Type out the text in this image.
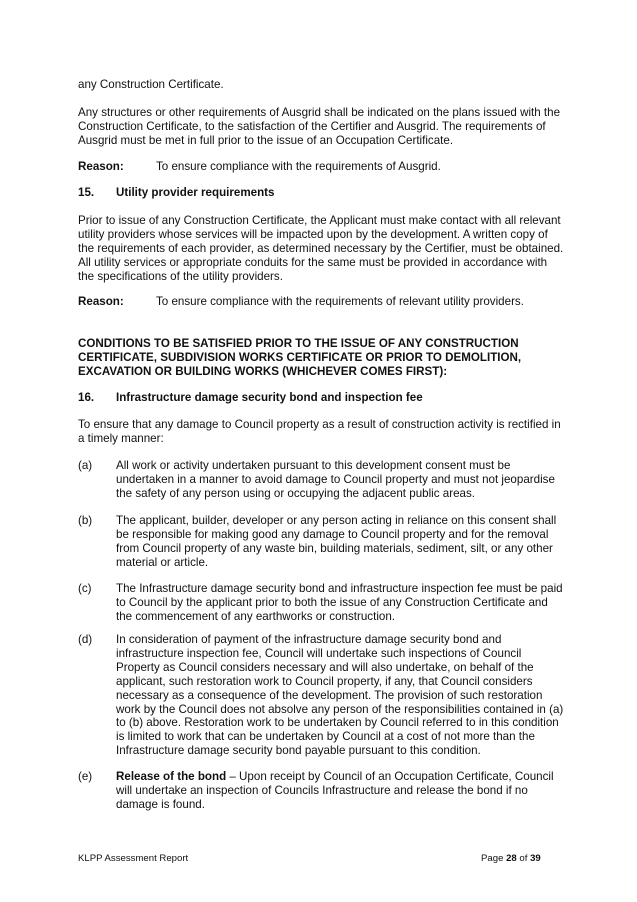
any Construction Certificate.

Any structures or other requirements of Ausgrid shall be indicated on the plans issued with the Construction Certificate, to the satisfaction of the Certifier and Ausgrid. The requirements of Ausgrid must be met in full prior to the issue of an Occupation Certificate.

Reason:	To ensure compliance with the requirements of Ausgrid.
15. Utility provider requirements

Prior to issue of any Construction Certificate, the Applicant must make contact with all relevant utility providers whose services will be impacted upon by the development. A written copy of the requirements of each provider, as determined necessary by the Certifier, must be obtained. All utility services or appropriate conduits for the same must be provided in accordance with the specifications of the utility providers.

Reason:	To ensure compliance with the requirements of relevant utility providers.

CONDITIONS TO BE SATISFIED PRIOR TO THE ISSUE OF ANY CONSTRUCTION CERTIFICATE, SUBDIVISION WORKS CERTIFICATE OR PRIOR TO DEMOLITION, EXCAVATION OR BUILDING WORKS (WHICHEVER COMES FIRST):

16. Infrastructure damage security bond and inspection fee

To ensure that any damage to Council property as a result of construction activity is rectified in a timely manner:

(a) All work or activity undertaken pursuant to this development consent must be undertaken in a manner to avoid damage to Council property and must not jeopardise the safety of any person using or occupying the adjacent public areas.

(b) The applicant, builder, developer or any person acting in reliance on this consent shall be responsible for making good any damage to Council property and for the removal from Council property of any waste bin, building materials, sediment, silt, or any other material or article.

(c) The Infrastructure damage security bond and infrastructure inspection fee must be paid to Council by the applicant prior to both the issue of any Construction Certificate and the commencement of any earthworks or construction.

(d) In consideration of payment of the infrastructure damage security bond and infrastructure inspection fee, Council will undertake such inspections of Council Property as Council considers necessary and will also undertake, on behalf of the applicant, such restoration work to Council property, if any, that Council considers necessary as a consequence of the development. The provision of such restoration work by the Council does not absolve any person of the responsibilities contained in (a) to (b) above. Restoration work to be undertaken by Council referred to in this condition is limited to work that can be undertaken by Council at a cost of not more than the Infrastructure damage security bond payable pursuant to this condition.

(e) Release of the bond – Upon receipt by Council of an Occupation Certificate, Council will undertake an inspection of Councils Infrastructure and release the bond if no damage is found.

KLPP Assessment Report	Page 28 of 39
